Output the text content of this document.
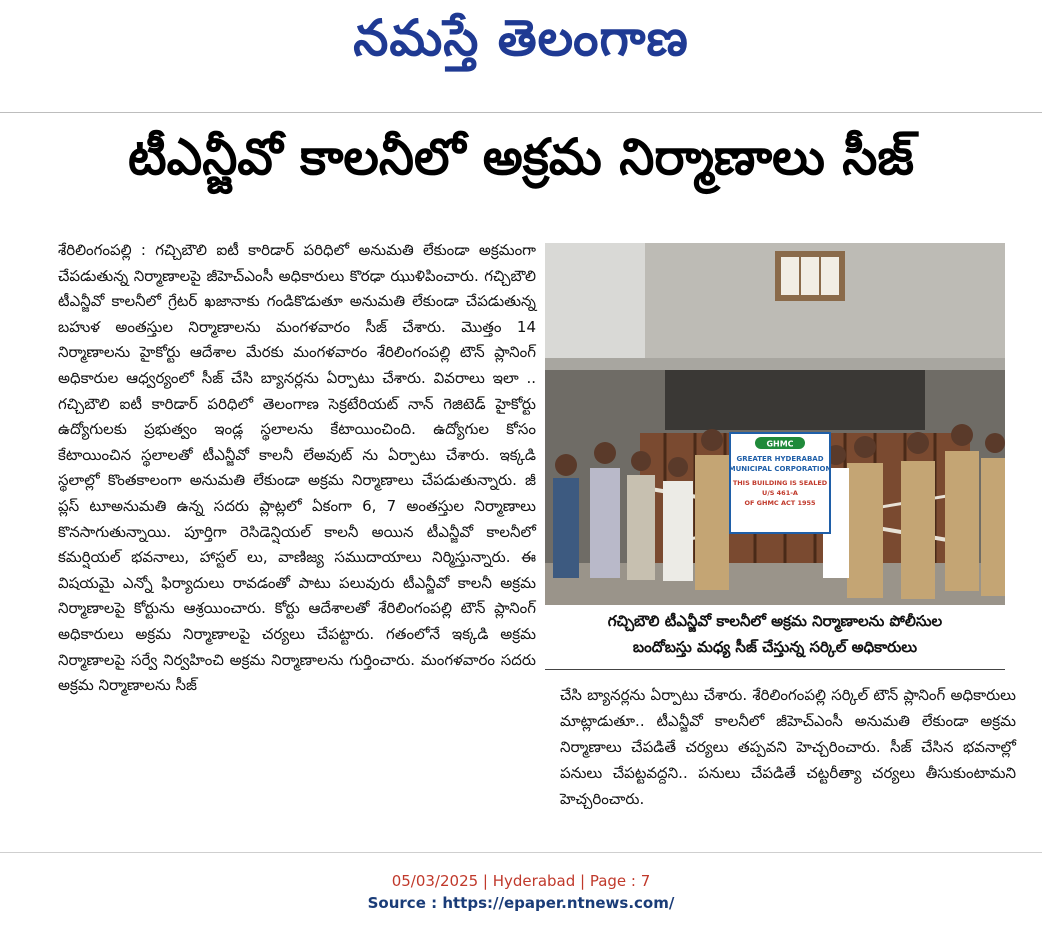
నమస్తే తెలంగాణ
టీఎన్జీవో కాలనీలో అక్రమ నిర్మాణాలు సీజ్

శేరిలింగంపల్లి : గచ్చిబౌలి ఐటీ కారిడార్ పరిధిలో అనుమతి లేకుండా అక్రమంగా చేపడుతున్న నిర్మాణాలపై జీహెచ్ఎంసీ అధికారులు కొరఢా ఝుళిపించారు. గచ్చిబౌలి టీఎన్జీవో కాలనీలో గ్రేటర్ ఖజానాకు గండికొడుతూ అనుమతి లేకుండా చేపడుతున్న బహుళ అంతస్తుల నిర్మాణాలను మంగళవారం సీజ్ చేశారు. మొత్తం 14 నిర్మాణాలను హైకోర్టు ఆదేశాల మేరకు మంగళవారం శేరిలింగంపల్లి టౌన్ ప్లానింగ్ అధికారుల ఆధ్వర్యంలో సీజ్ చేసి బ్యానర్లను ఏర్పాటు చేశారు. వివరాలు ఇలా .. గచ్చిబౌలి ఐటీ కారిడార్ పరిధిలో తెలంగాణ సెక్రటేరియట్ నాన్ గెజిటెడ్ హైకోర్టు ఉద్యోగులకు ప్రభుత్వం ఇండ్ల స్థలాలను కేటాయించింది. ఉద్యోగుల కోసం కేటాయించిన స్థలాలతో టీఎన్జీవో కాలనీ లేఅవుట్ ను ఏర్పాటు చేశారు. ఇక్కడి స్థలాల్లో కొంతకాలంగా అనుమతి లేకుండా అక్రమ నిర్మాణాలు చేపడుతున్నారు. జీ ప్లస్ టూఅనుమతి ఉన్న సదరు ప్లాట్లలో ఏకంగా 6, 7 అంతస్తుల నిర్మాణాలు కొనసాగుతున్నాయి. పూర్తిగా రెసిడెన్షియల్ కాలనీ అయిన టీఎన్జీవో కాలనీలో కమర్షియల్ భవనాలు, హాస్టల్ లు, వాణిజ్య సముదాయాలు నిర్మిస్తున్నారు. ఈ విషయమై ఎన్నో ఫిర్యాదులు రావడంతో పాటు పలువురు టీఎన్జీవో కాలనీ అక్రమ నిర్మాణాలపై కోర్టును ఆశ్రయించారు. కోర్టు ఆదేశాలతో శేరిలింగంపల్లి టౌన్ ప్లానింగ్ అధికారులు అక్రమ నిర్మాణాలపై చర్యలు చేపట్టారు. గతంలోనే ఇక్కడి అక్రమ నిర్మాణాలపై సర్వే నిర్వహించి అక్రమ నిర్మాణాలను గుర్తించారు. మంగళవారం సదరు అక్రమ నిర్మాణాలను సీజ్

GHMC
GREATER HYDERABAD
MUNICIPAL CORPORATION
THIS BUILDING IS SEALED
U/S 461-A
OF GHMC ACT 1955
గచ్చిబౌలి టీఎన్జీవో కాలనీలో అక్రమ నిర్మాణాలను పోలీసుల
బందోబస్తు మధ్య సీజ్ చేస్తున్న సర్కిల్ అధికారులు

చేసి బ్యానర్లను ఏర్పాటు చేశారు. శేరిలింగంపల్లి సర్కిల్ టౌన్ ప్లానింగ్ అధికారులు మాట్లాడుతూ.. టీఎన్జీవో కాలనీలో జీహెచ్ఎంసీ అనుమతి లేకుండా అక్రమ నిర్మాణాలు చేపడితే చర్యలు తప్పవని హెచ్చరించారు. సీజ్ చేసిన భవనాల్లో పనులు చేపట్టవద్దని.. పనులు చేపడితే చట్టరీత్యా చర్యలు తీసుకుంటామని హెచ్చరించారు.

05/03/2025 | Hyderabad | Page : 7
Source : https://epaper.ntnews.com/
